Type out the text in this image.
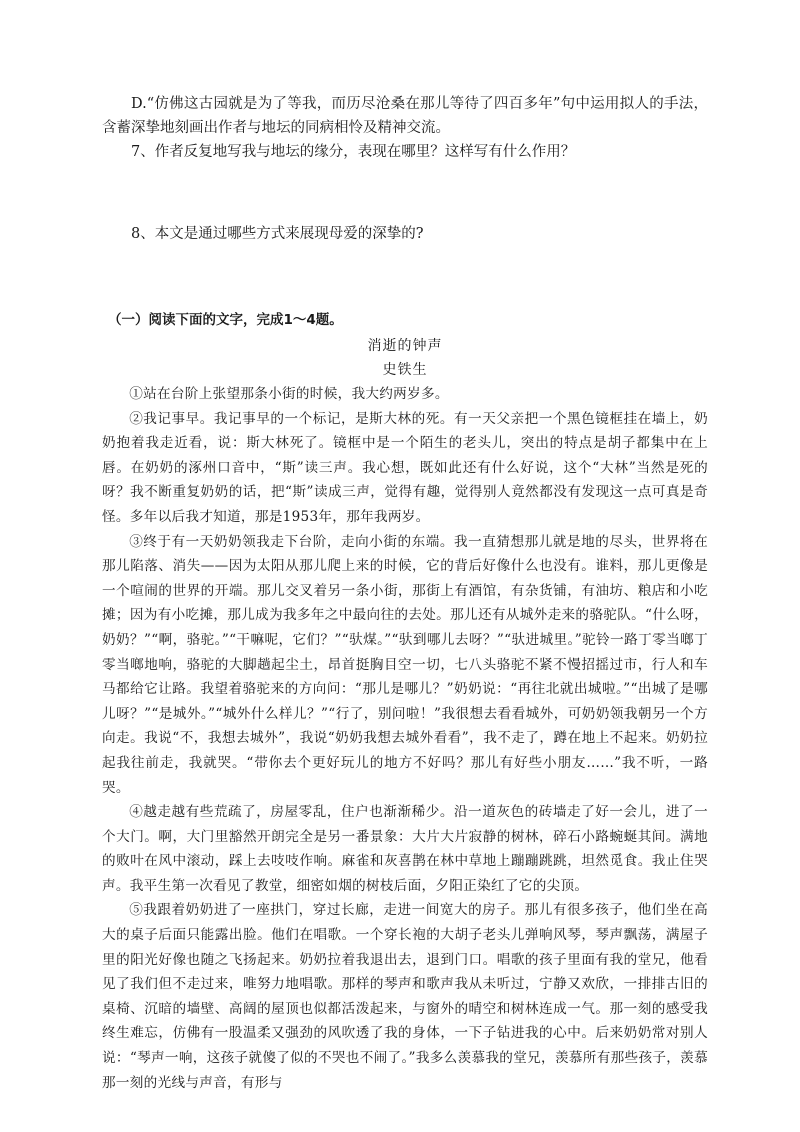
D.“仿佛这古园就是为了等我，而历尽沧桑在那儿等待了四百多年”句中运用拟人的手法，含蓄深挚地刻画出作者与地坛的同病相怜及精神交流。

7、作者反复地写我与地坛的缘分，表现在哪里？这样写有什么作用？

8、本文是通过哪些方式来展现母爱的深挚的?

（一）阅读下面的文字，完成1～4题。

消逝的钟声

史铁生

①站在台阶上张望那条小街的时候，我大约两岁多。

②我记事早。我记事早的一个标记，是斯大林的死。有一天父亲把一个黑色镜框挂在墙上，奶奶抱着我走近看，说：斯大林死了。镜框中是一个陌生的老头儿，突出的特点是胡子都集中在上唇。在奶奶的涿州口音中，“斯”读三声。我心想，既如此还有什么好说，这个“大林”当然是死的呀？我不断重复奶奶的话，把“斯”读成三声，觉得有趣，觉得别人竟然都没有发现这一点可真是奇怪。多年以后我才知道，那是1953年，那年我两岁。

③终于有一天奶奶领我走下台阶，走向小街的东端。我一直猜想那儿就是地的尽头，世界将在那儿陷落、消失——因为太阳从那儿爬上来的时候，它的背后好像什么也没有。谁料，那儿更像是一个喧闹的世界的开端。那儿交叉着另一条小街，那街上有酒馆，有杂货铺，有油坊、粮店和小吃摊；因为有小吃摊，那儿成为我多年之中最向往的去处。那儿还有从城外走来的骆驼队。“什么呀，奶奶？”“啊，骆驼。”“干嘛呢，它们？”“驮煤。”“驮到哪儿去呀？”“驮进城里。”驼铃一路丁零当啷丁零当啷地响，骆驼的大脚趟起尘土，昂首挺胸目空一切，七八头骆驼不紧不慢招摇过市，行人和车马都给它让路。我望着骆驼来的方向问：“那儿是哪儿？”奶奶说：“再往北就出城啦。”“出城了是哪儿呀？”“是城外。”“城外什么样儿？”“行了，别问啦！”我很想去看看城外，可奶奶领我朝另一个方向走。我说“不，我想去城外”，我说“奶奶我想去城外看看”，我不走了，蹲在地上不起来。奶奶拉起我往前走，我就哭。“带你去个更好玩儿的地方不好吗？那儿有好些小朋友……”我不听，一路哭。

④越走越有些荒疏了，房屋零乱，住户也渐渐稀少。沿一道灰色的砖墙走了好一会儿，进了一个大门。啊，大门里豁然开朗完全是另一番景象：大片大片寂静的树林，碎石小路蜿蜒其间。满地的败叶在风中滚动，踩上去吱吱作响。麻雀和灰喜鹊在林中草地上蹦蹦跳跳，坦然觅食。我止住哭声。我平生第一次看见了教堂，细密如烟的树枝后面，夕阳正染红了它的尖顶。

⑤我跟着奶奶进了一座拱门，穿过长廊，走进一间宽大的房子。那儿有很多孩子，他们坐在高大的桌子后面只能露出脸。他们在唱歌。一个穿长袍的大胡子老头儿弹响风琴，琴声飘荡，满屋子里的阳光好像也随之飞扬起来。奶奶拉着我退出去，退到门口。唱歌的孩子里面有我的堂兄，他看见了我们但不走过来，唯努力地唱歌。那样的琴声和歌声我从未听过，宁静又欢欣，一排排古旧的桌椅、沉暗的墙壁、高阔的屋顶也似都活泼起来，与窗外的晴空和树林连成一气。那一刻的感受我终生难忘，仿佛有一股温柔又强劲的风吹透了我的身体，一下子钻进我的心中。后来奶奶常对别人说：“琴声一响，这孩子就傻了似的不哭也不闹了。”我多么羡慕我的堂兄，羡慕所有那些孩子，羡慕那一刻的光线与声音，有形与
